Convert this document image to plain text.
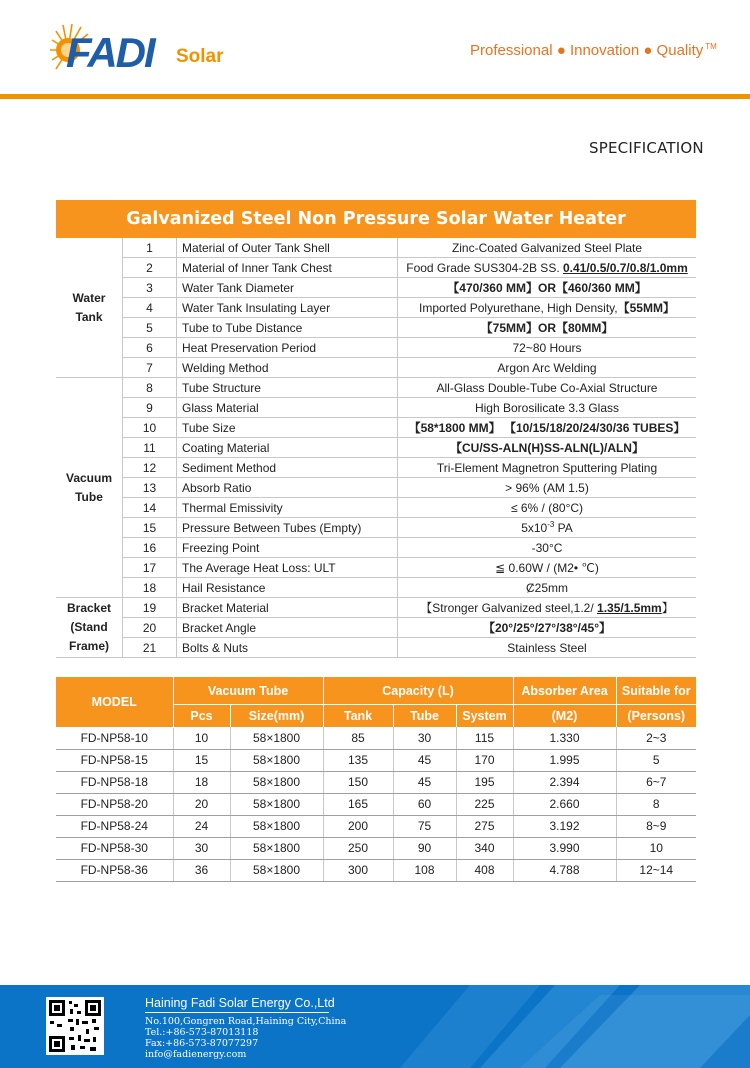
FADI Solar	Professional ● Innovation ● Quality ™
SPECIFICATION
Galvanized Steel Non Pressure Solar Water Heater
Water
Tank	1	Material of Outer Tank Shell	Zinc-Coated Galvanized Steel Plate
	2	Material of Inner Tank Chest	Food Grade SUS304-2B SS. 0.41/0.5/0.7/0.8/1.0mm
	3	Water Tank Diameter	【470/360 MM】OR【460/360 MM】
	4	Water Tank Insulating Layer	Imported Polyurethane, High Density,【55MM】
	5	Tube to Tube Distance	【75MM】OR【80MM】
	6	Heat Preservation Period	72~80 Hours
	7	Welding Method	Argon Arc Welding

Vacuum
Tube	8	Tube Structure	All-Glass Double-Tube Co-Axial Structure
	9	Glass Material	High Borosilicate 3.3 Glass
	10	Tube Size	【58*1800 MM】 【10/15/18/20/24/30/36 TUBES】
	11	Coating Material	【CU/SS-ALN(H)SS-ALN(L)/ALN】
	12	Sediment Method	Tri-Element Magnetron Sputtering Plating
	13	Absorb Ratio	> 96% (AM 1.5)
	14	Thermal Emissivity	≤ 6% / (80°C)
	15	Pressure Between Tubes (Empty)	$5x10^{-3}$ PA
	16	Freezing Point	-30°C
	17	The Average Heat Loss: ULT	≦ 0.60W / (M2• ℃)
	18	Hail Resistance	Ȼ25mm

Bracket
(Stand
Frame)	19	Bracket Material	【Stronger Galvanized steel,1.2/ 1.35/1.5mm】
	20	Bracket Angle	【20°/25°/27°/38°/45°】
	21	Bolts & Nuts	Stainless Steel
MODEL	Vacuum Tube		Capacity (L)			Absorber Area	Suitable for
	Pcs	Size(mm)	Tank	Tube	System	(M2)	(Persons)
FD-NP58-10	10	58×1800	85	30	115	1.330	2~3
FD-NP58-15	15	58×1800	135	45	170	1.995	5
FD-NP58-18	18	58×1800	150	45	195	2.394	6~7
FD-NP58-20	20	58×1800	165	60	225	2.660	8
FD-NP58-24	24	58×1800	200	75	275	3.192	8~9
FD-NP58-30	30	58×1800	250	90	340	3.990	10
FD-NP58-36	36	58×1800	300	108	408	4.788	12~14
Haining Fadi Solar Energy Co.,Ltd
No.100,Gongren Road,Haining City,China
Tel.:+86-573-87013118
Fax:+86-573-87077297
info@fadienergy.com
